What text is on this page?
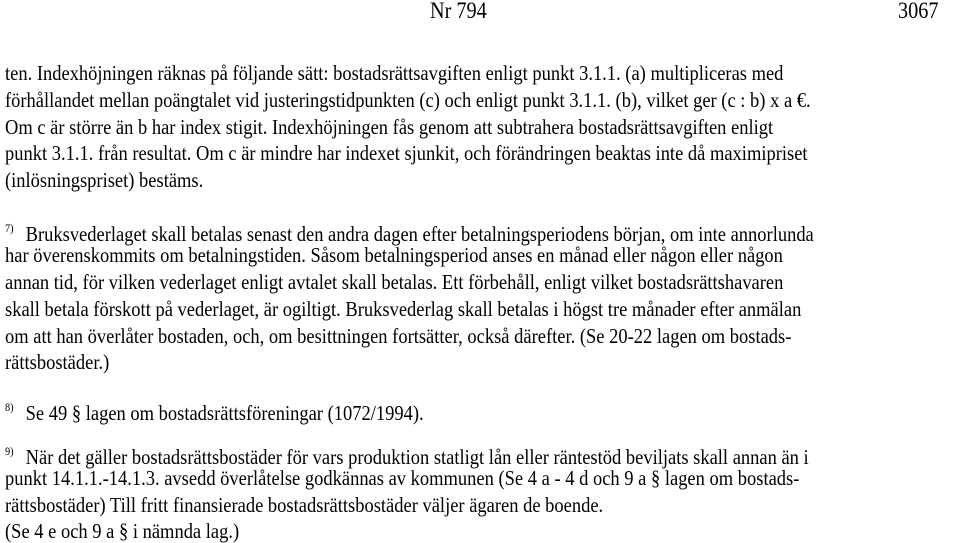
Nr 794	3067
ten. Indexhöjningen räknas på följande sätt: bostadsrättsavgiften enligt punkt 3.1.1. (a) multipliceras med
förhållandet mellan poängtalet vid justeringstidpunkten (c) och enligt punkt 3.1.1. (b), vilket ger (c : b) x a €.
Om c är större än b har index stigit. Indexhöjningen fås genom att subtrahera bostadsrättsavgiften enligt
punkt 3.1.1. från resultat. Om c är mindre har indexet sjunkit, och förändringen beaktas inte då maximipriset
(inlösningspriset) bestäms.
$^{7)}$ Bruksvederlaget skall betalas senast den andra dagen efter betalningsperiodens början, om inte annorlunda
har överenskommits om betalningstiden. Såsom betalningsperiod anses en månad eller någon eller någon
annan tid, för vilken vederlaget enligt avtalet skall betalas. Ett förbehåll, enligt vilket bostadsrättshavaren
skall betala förskott på vederlaget, är ogiltigt. Bruksvederlag skall betalas i högst tre månader efter anmälan
om att han överlåter bostaden, och, om besittningen fortsätter, också därefter. (Se 20-22 lagen om bostads-
rättsbostäder.)
$^{8)}$ Se 49 § lagen om bostadsrättsföreningar (1072/1994).
$^{9)}$ När det gäller bostadsrättsbostäder för vars produktion statligt lån eller räntestöd beviljats skall annan än i
punkt 14.1.1.-14.1.3. avsedd överlåtelse godkännas av kommunen (Se 4 a - 4 d och 9 a § lagen om bostads-
rättsbostäder) Till fritt finansierade bostadsrättsbostäder väljer ägaren de boende.
(Se 4 e och 9 a § i nämnda lag.)
